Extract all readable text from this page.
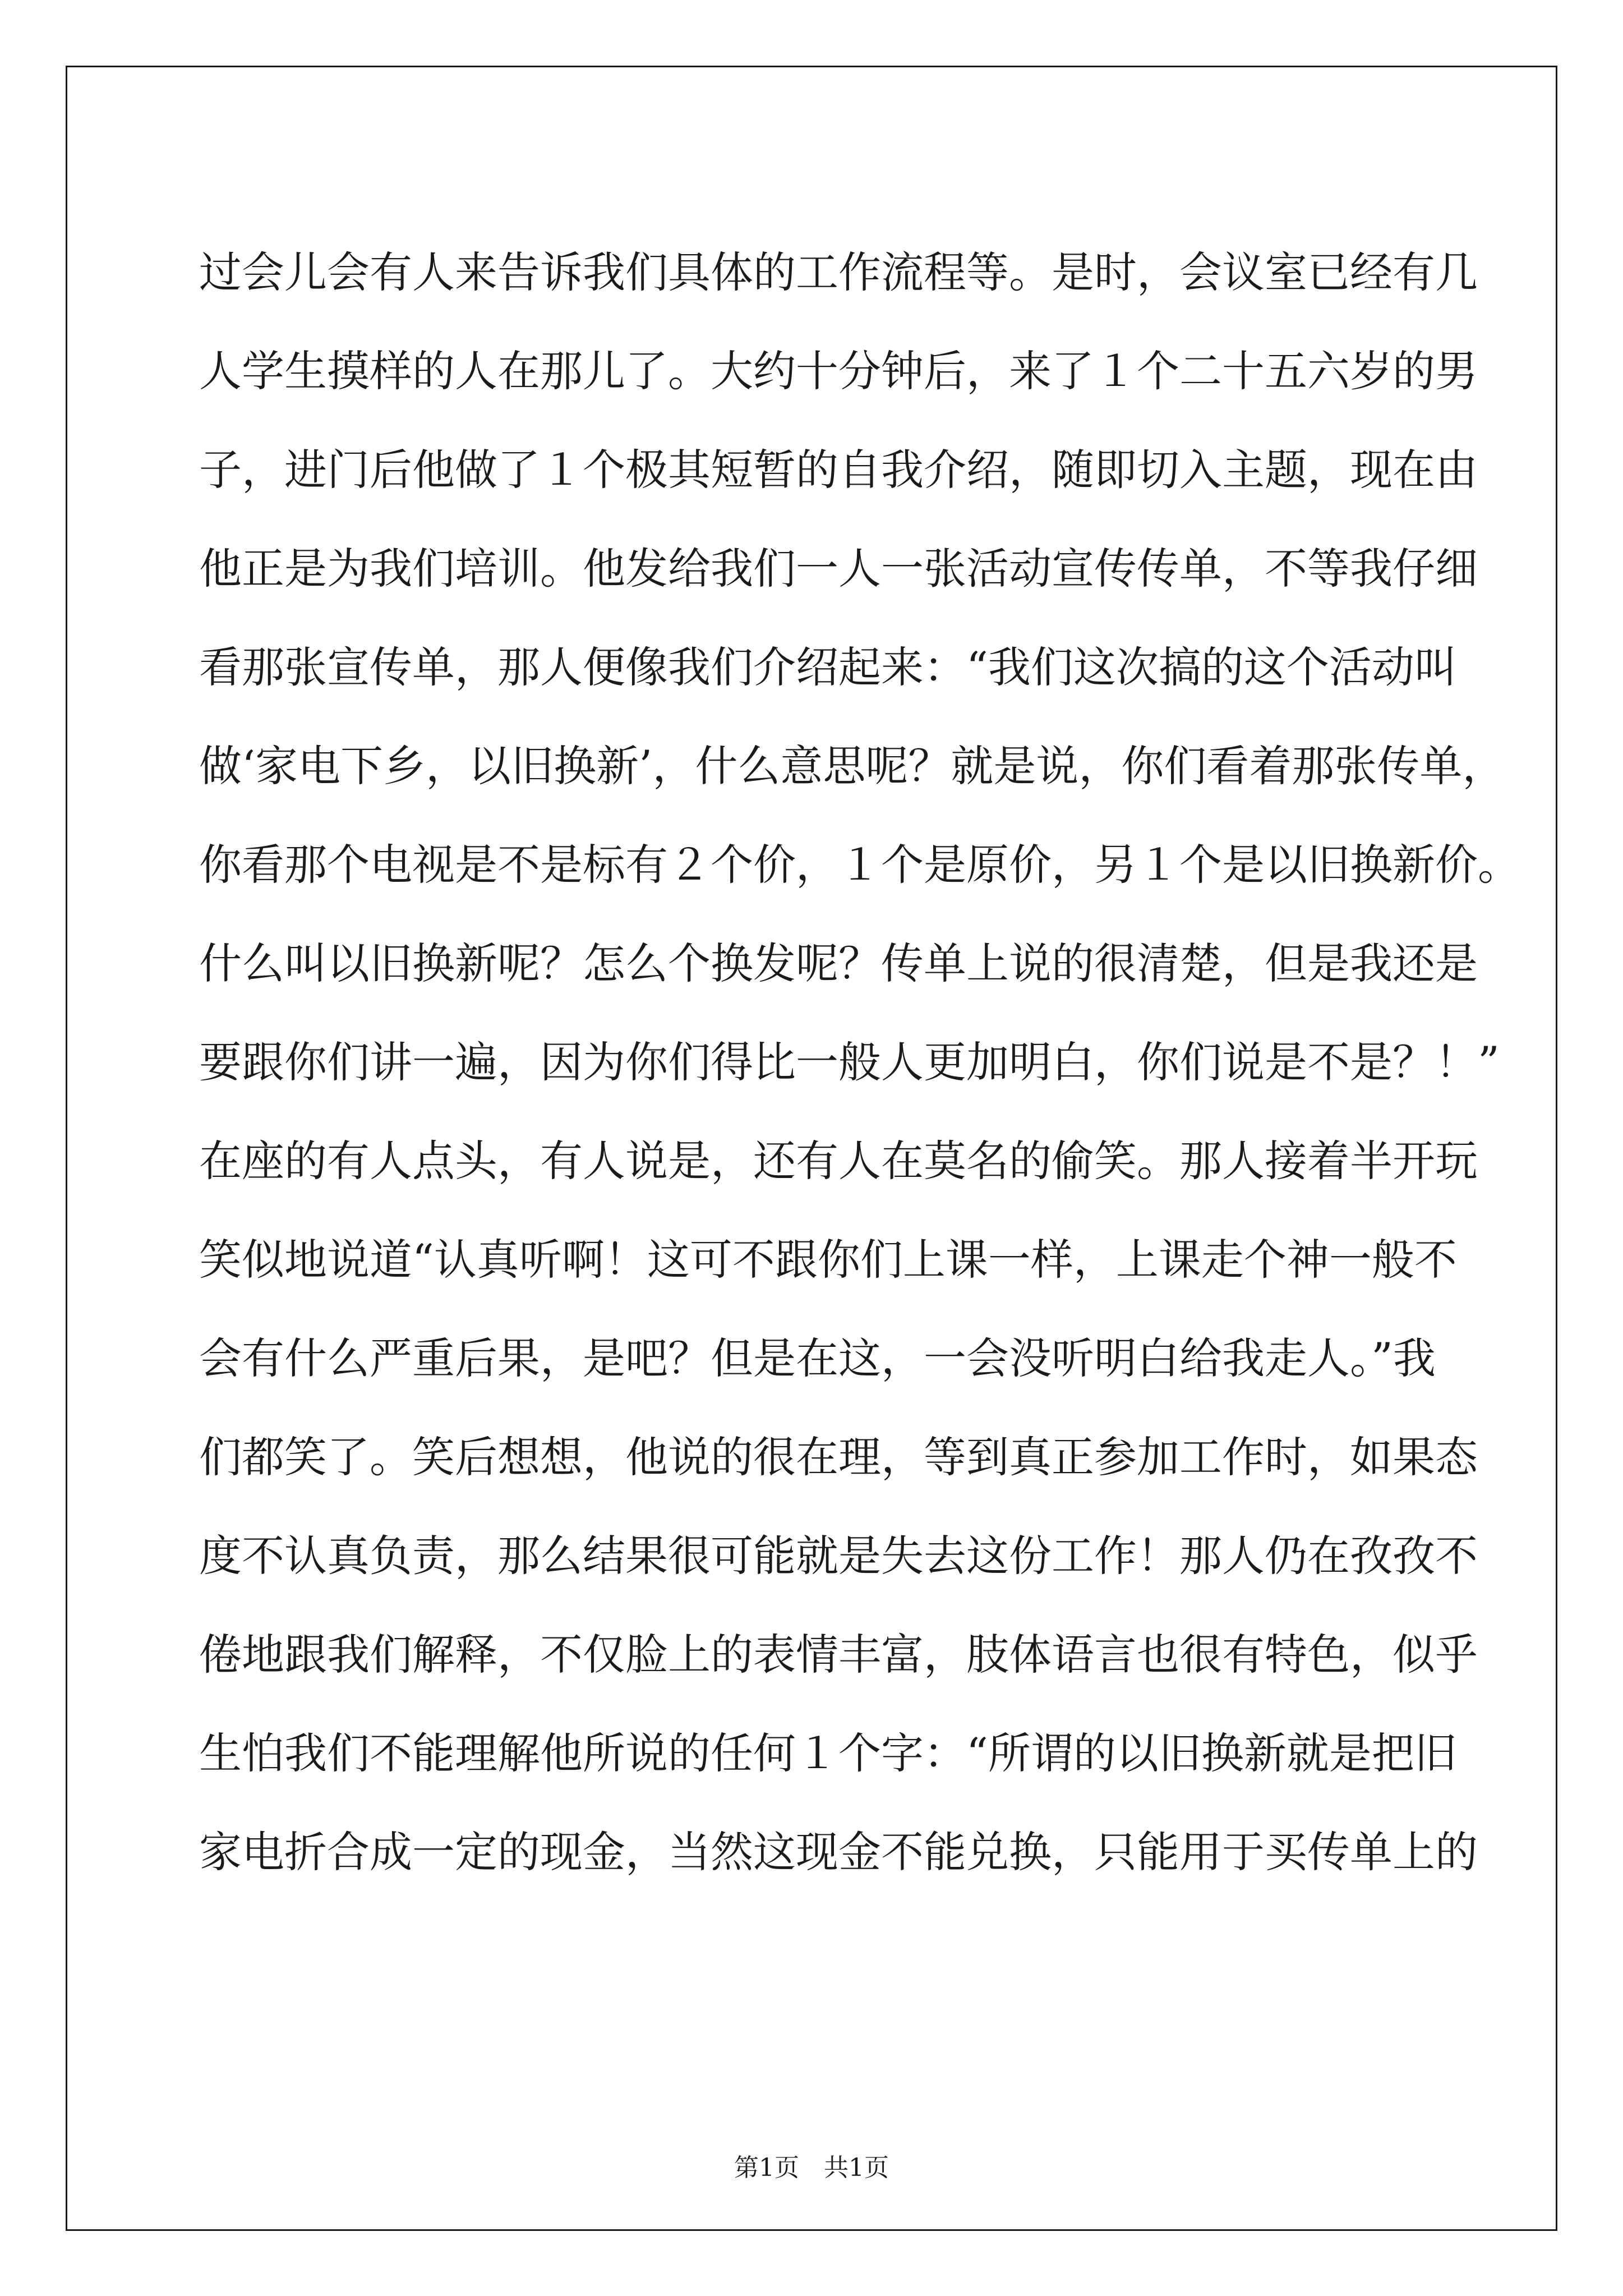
过会儿会有人来告诉我们具体的工作流程等。是时，会议室已经有几

人学生摸样的人在那儿了。大约十分钟后，来了１个二十五六岁的男

子，进门后他做了１个极其短暂的自我介绍，随即切入主题，现在由

他正是为我们培训。他发给我们一人一张活动宣传传单，不等我仔细

看那张宣传单，那人便像我们介绍起来：“我们这次搞的这个活动叫

做‘家电下乡，以旧换新’，什么意思呢？就是说，你们看着那张传单，

你看那个电视是不是标有２个价，１个是原价，另１个是以旧换新价。

什么叫以旧换新呢？怎么个换发呢？传单上说的很清楚，但是我还是

要跟你们讲一遍，因为你们得比一般人更加明白，你们说是不是？！”

在座的有人点头，有人说是，还有人在莫名的偷笑。那人接着半开玩

笑似地说道“认真听啊！这可不跟你们上课一样，上课走个神一般不

会有什么严重后果，是吧？但是在这，一会没听明白给我走人。”我

们都笑了。笑后想想，他说的很在理，等到真正参加工作时，如果态

度不认真负责，那么结果很可能就是失去这份工作！那人仍在孜孜不

倦地跟我们解释，不仅脸上的表情丰富，肢体语言也很有特色，似乎

生怕我们不能理解他所说的任何１个字：“所谓的以旧换新就是把旧

家电折合成一定的现金，当然这现金不能兑换，只能用于买传单上的

第1页　共1页
